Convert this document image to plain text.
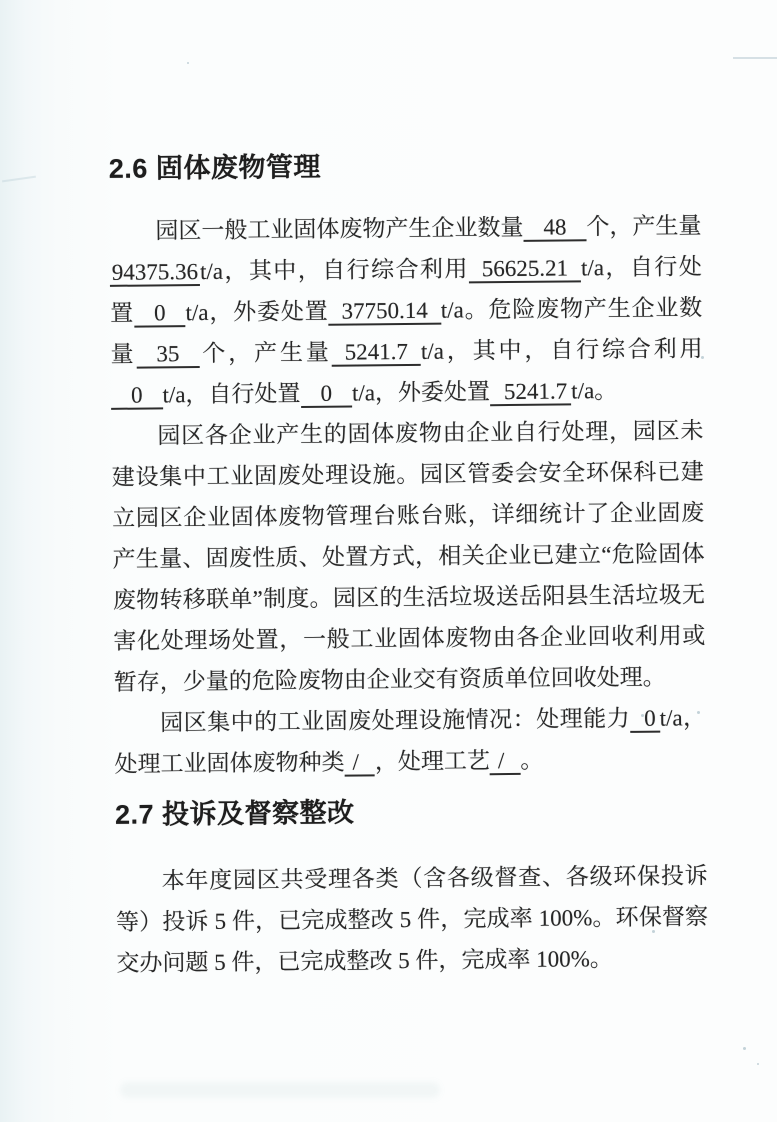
2.6 固体废物管理

园区一般工业固体废物产生企业数量 48 个，产生量94375.36t/a，其中，自行综合利用 56625.21 t/a，自行处置 0 t/a，外委处置 37750.14 t/a。危险废物产生企业数量 35 个，产生量 5241.7 t/a，其中，自行综合利用0 t/a，自行处置 0 t/a，外委处置 5241.7 t/a。

园区各企业产生的固体废物由企业自行处理，园区未建设集中工业固废处理设施。园区管委会安全环保科已建立园区企业固体废物管理台账台账，详细统计了企业固废产生量、固废性质、处置方式，相关企业已建立“危险固体废物转移联单”制度。园区的生活垃圾送岳阳县生活垃圾无害化处理场处置，一般工业固体废物由各企业回收利用或暂存，少量的危险废物由企业交有资质单位回收处理。

园区集中的工业固废处理设施情况：处理能力 0 t/a，处理工业固体废物种类 / ，处理工艺 / 。

2.7 投诉及督察整改

本年度园区共受理各类（含各级督查、各级环保投诉等）投诉 5 件，已完成整改 5 件，完成率 100%。环保督察交办问题 5 件，已完成整改 5 件，完成率 100%。
